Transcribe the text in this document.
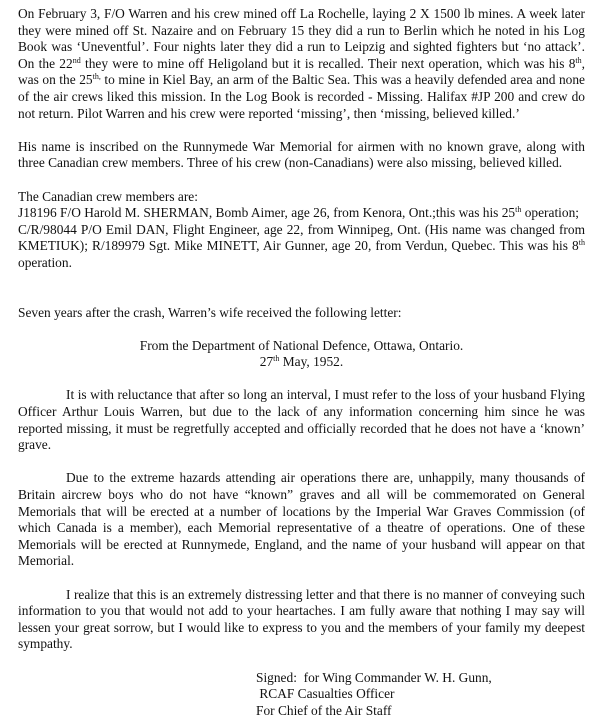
On February 3, F/O Warren and his crew mined off La Rochelle, laying 2 X 1500 lb mines. A week later they were mined off St. Nazaire and on February 15 they did a run to Berlin which he noted in his Log Book was ‘Uneventful’. Four nights later they did a run to Leipzig and sighted fighters but ‘no attack’. On the 22nd they were to mine off Heligoland but it is recalled. Their next operation, which was his 8th, was on the $25^{th,}$ to mine in Kiel Bay, an arm of the Baltic Sea. This was a heavily defended area and none of the air crews liked this mission. In the Log Book is recorded - Missing. Halifax #JP 200 and crew do not return. Pilot Warren and his crew were reported ‘missing’, then ‘missing, believed killed.’

His name is inscribed on the Runnymede War Memorial for airmen with no known grave, along with three Canadian crew members. Three of his crew (non-Canadians) were also missing, believed killed.

The Canadian crew members are:

J18196 F/O Harold M. SHERMAN, Bomb Aimer, age 26, from Kenora, Ont.;this was his 25th operation;

C/R/98044 P/O Emil DAN, Flight Engineer, age 22, from Winnipeg, Ont. (His name was changed from KMETIUK); R/189979 Sgt. Mike MINETT, Air Gunner, age 20, from Verdun, Quebec. This was his 8th operation.

Seven years after the crash, Warren’s wife received the following letter:

From the Department of National Defence, Ottawa, Ontario.
27th May, 1952.

It is with reluctance that after so long an interval, I must refer to the loss of your husband Flying Officer Arthur Louis Warren, but due to the lack of any information concerning him since he was reported missing, it must be regretfully accepted and officially recorded that he does not have a ‘known’ grave.

Due to the extreme hazards attending air operations there are, unhappily, many thousands of Britain aircrew boys who do not have “known” graves and all will be commemorated on General Memorials that will be erected at a number of locations by the Imperial War Graves Commission (of which Canada is a member), each Memorial representative of a theatre of operations. One of these Memorials will be erected at Runnymede, England, and the name of your husband will appear on that Memorial.

I realize that this is an extremely distressing letter and that there is no manner of conveying such information to you that would not add to your heartaches. I am fully aware that nothing I may say will lessen your great sorrow, but I would like to express to you and the members of your family my deepest sympathy.

Signed:  for Wing Commander W. H. Gunn,
RCAF Casualties Officer
For Chief of the Air Staff
